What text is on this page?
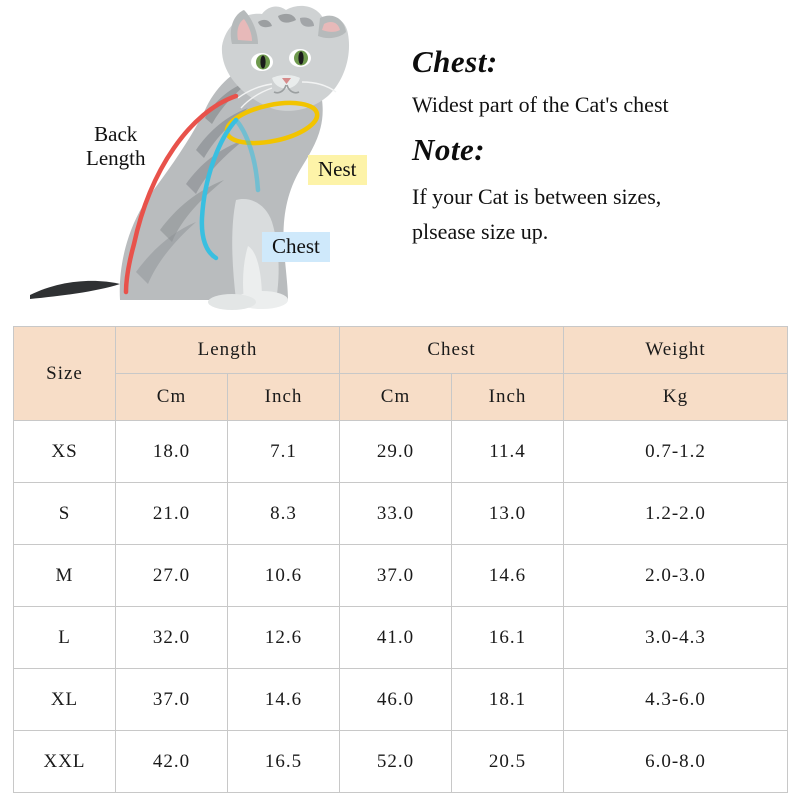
Back
Length	Nest
Chest

Chest:

Widest part of the Cat's chest

Note:

If your Cat is between sizes,

plsease size up.

Size	Length		Chest		Weight
	Cm	Inch	Cm	Inch	Kg
XS	18.0	7.1	29.0	11.4	0.7-1.2
S	21.0	8.3	33.0	13.0	1.2-2.0
M	27.0	10.6	37.0	14.6	2.0-3.0
L	32.0	12.6	41.0	16.1	3.0-4.3
XL	37.0	14.6	46.0	18.1	4.3-6.0
XXL	42.0	16.5	52.0	20.5	6.0-8.0
